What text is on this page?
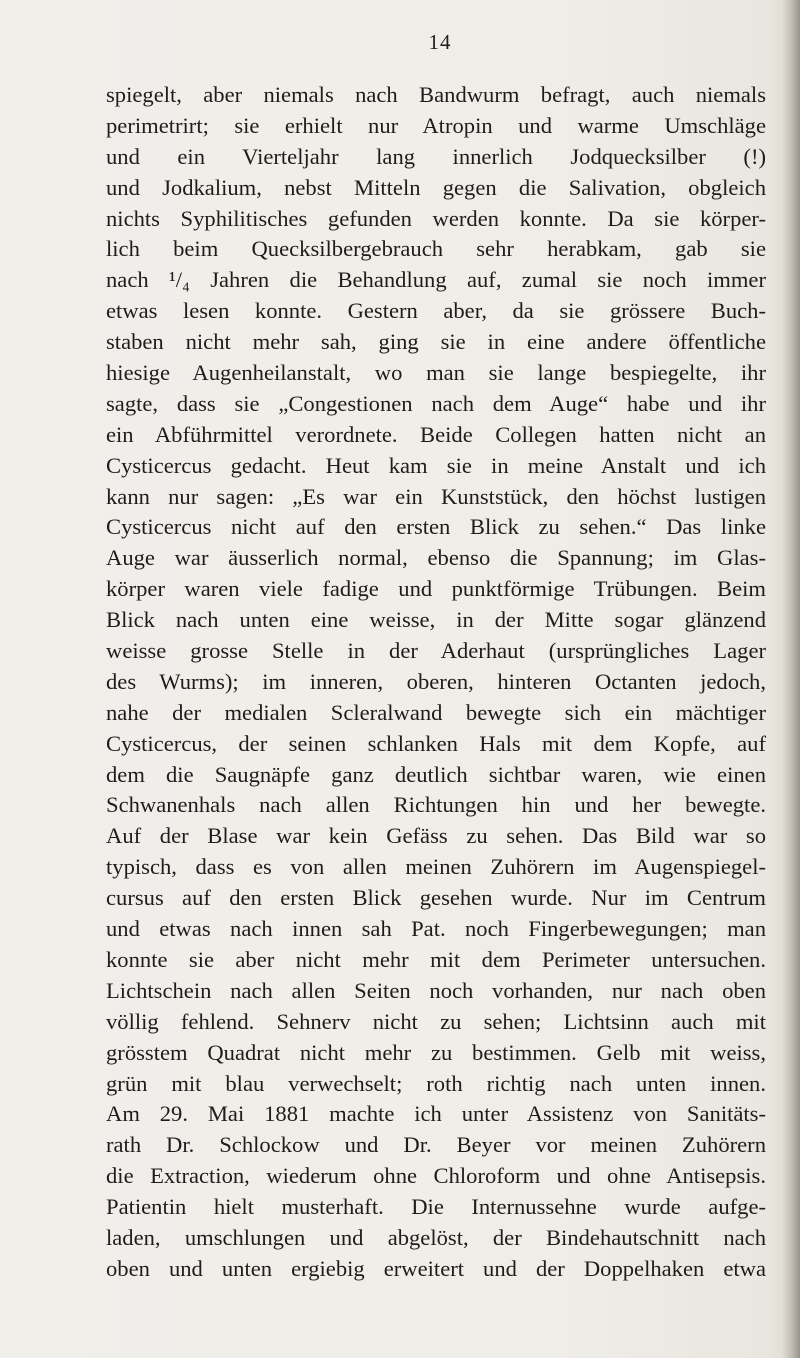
14
spiegelt, aber niemals nach Bandwurm befragt, auch niemals
perimetrirt; sie erhielt nur Atropin und warme Umschläge
und ein Vierteljahr lang innerlich Jodquecksilber (!)
und Jodkalium, nebst Mitteln gegen die Salivation, obgleich
nichts Syphilitisches gefunden werden konnte. Da sie körper-
lich beim Quecksilbergebrauch sehr herabkam, gab sie
nach ¹/₄ Jahren die Behandlung auf, zumal sie noch immer
etwas lesen konnte. Gestern aber, da sie grössere Buch-
staben nicht mehr sah, ging sie in eine andere öffentliche
hiesige Augenheilanstalt, wo man sie lange bespiegelte, ihr
sagte, dass sie „Congestionen nach dem Auge“ habe und ihr
ein Abführmittel verordnete. Beide Collegen hatten nicht an
Cysticercus gedacht. Heut kam sie in meine Anstalt und ich
kann nur sagen: „Es war ein Kunststück, den höchst lustigen
Cysticercus nicht auf den ersten Blick zu sehen.“ Das linke
Auge war äusserlich normal, ebenso die Spannung; im Glas-
körper waren viele fadige und punktförmige Trübungen. Beim
Blick nach unten eine weisse, in der Mitte sogar glänzend
weisse grosse Stelle in der Aderhaut (ursprüngliches Lager
des Wurms); im inneren, oberen, hinteren Octanten jedoch,
nahe der medialen Scleralwand bewegte sich ein mächtiger
Cysticercus, der seinen schlanken Hals mit dem Kopfe, auf
dem die Saugnäpfe ganz deutlich sichtbar waren, wie einen
Schwanenhals nach allen Richtungen hin und her bewegte.
Auf der Blase war kein Gefäss zu sehen. Das Bild war so
typisch, dass es von allen meinen Zuhörern im Augenspiegel-
cursus auf den ersten Blick gesehen wurde. Nur im Centrum
und etwas nach innen sah Pat. noch Fingerbewegungen; man
konnte sie aber nicht mehr mit dem Perimeter untersuchen.
Lichtschein nach allen Seiten noch vorhanden, nur nach oben
völlig fehlend. Sehnerv nicht zu sehen; Lichtsinn auch mit
grösstem Quadrat nicht mehr zu bestimmen. Gelb mit weiss,
grün mit blau verwechselt; roth richtig nach unten innen.
Am 29. Mai 1881 machte ich unter Assistenz von Sanitäts-
rath Dr. Schlockow und Dr. Beyer vor meinen Zuhörern
die Extraction, wiederum ohne Chloroform und ohne Antisepsis.
Patientin hielt musterhaft. Die Internussehne wurde aufge-
laden, umschlungen und abgelöst, der Bindehautschnitt nach
oben und unten ergiebig erweitert und der Doppelhaken etwa
